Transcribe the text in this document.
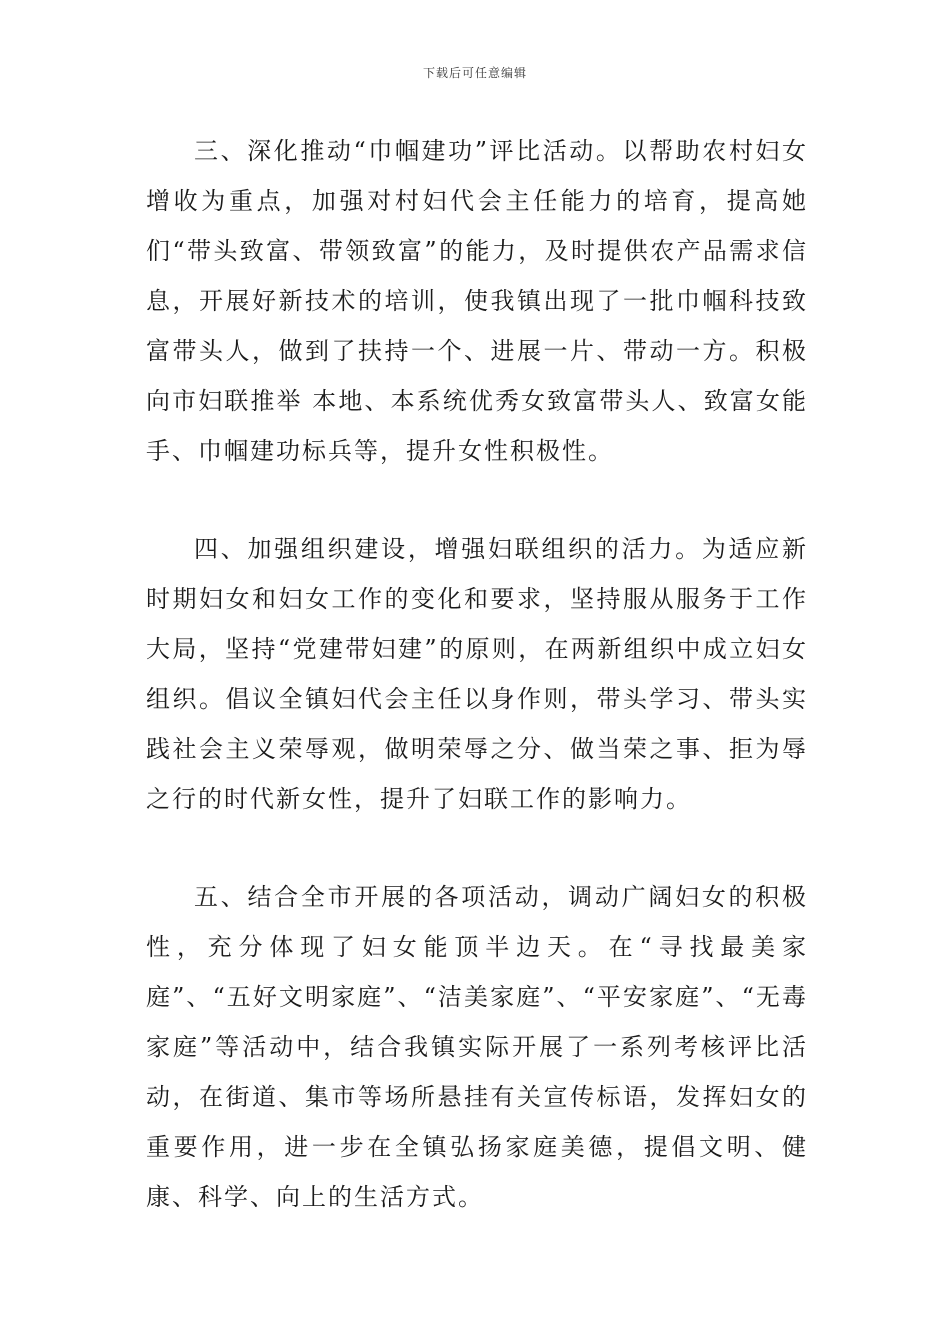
下载后可任意编辑

三、深化推动“巾帼建功”评比活动。以帮助农村妇女增收为重点，加强对村妇代会主任能力的培育，提高她们“带头致富、带领致富”的能力，及时提供农产品需求信息，开展好新技术的培训，使我镇出现了一批巾帼科技致富带头人，做到了扶持一个、进展一片、带动一方。积极向市妇联推举 本地、本系统优秀女致富带头人、致富女能手、巾帼建功标兵等，提升女性积极性。

四、加强组织建设，增强妇联组织的活力。为适应新时期妇女和妇女工作的变化和要求，坚持服从服务于工作大局，坚持“党建带妇建”的原则，在两新组织中成立妇女组织。倡议全镇妇代会主任以身作则，带头学习、带头实践社会主义荣辱观，做明荣辱之分、做当荣之事、拒为辱之行的时代新女性，提升了妇联工作的影响力。

五、结合全市开展的各项活动，调动广阔妇女的积极性，充分体现了妇女能顶半边天。在“寻找最美家庭”、“五好文明家庭”、“洁美家庭”、“平安家庭”、“无毒家庭”等活动中，结合我镇实际开展了一系列考核评比活动，在街道、集市等场所悬挂有关宣传标语，发挥妇女的重要作用，进一步在全镇弘扬家庭美德，提倡文明、健康、科学、向上的生活方式。
